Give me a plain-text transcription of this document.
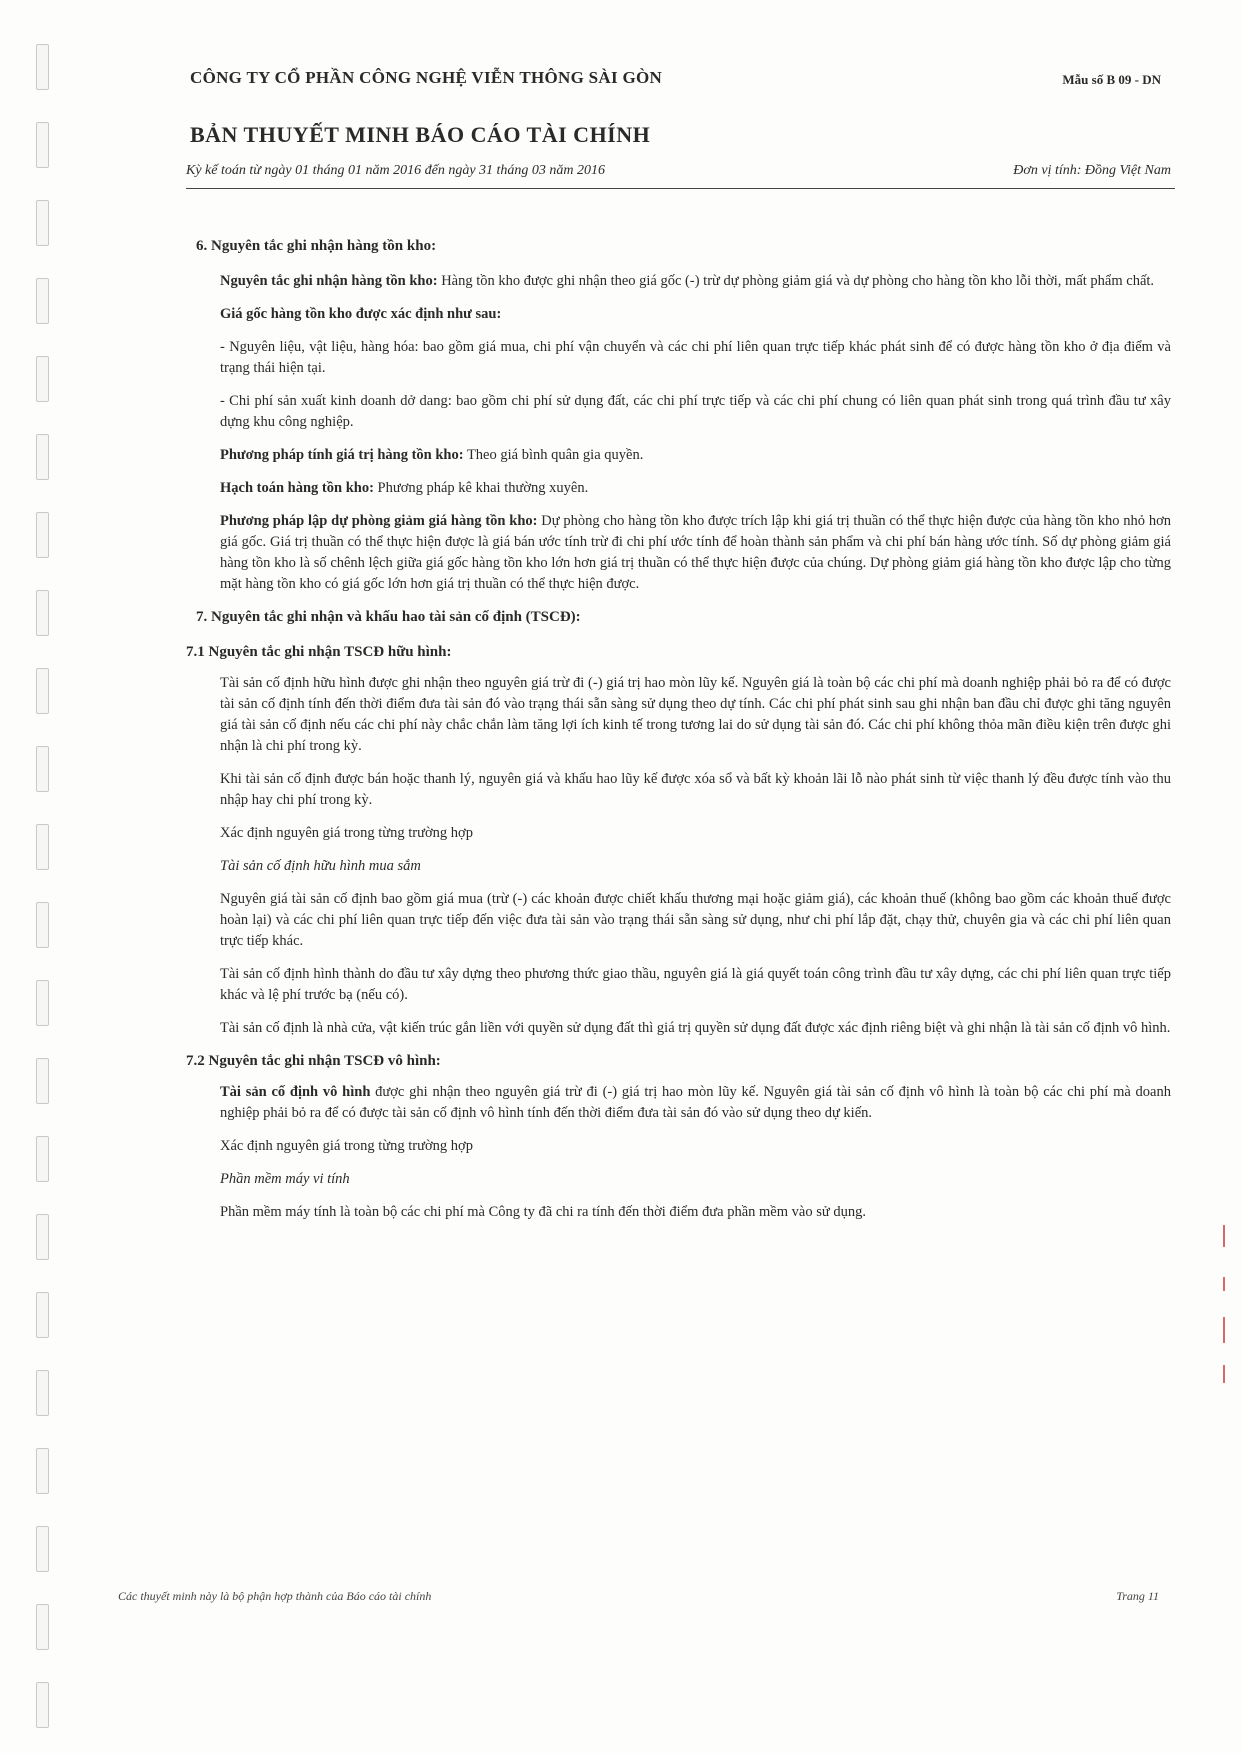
CÔNG TY CỔ PHẦN CÔNG NGHỆ VIỄN THÔNG SÀI GÒN	Mẫu số B 09 - DN
BẢN THUYẾT MINH BÁO CÁO TÀI CHÍNH
Kỳ kế toán từ ngày 01 tháng 01 năm 2016 đến ngày 31 tháng 03 năm 2016	Đơn vị tính: Đồng Việt Nam
6. Nguyên tắc ghi nhận hàng tồn kho:
Nguyên tắc ghi nhận hàng tồn kho: Hàng tồn kho được ghi nhận theo giá gốc (-) trừ dự phòng giảm giá và dự phòng cho hàng tồn kho lỗi thời, mất phẩm chất.
Giá gốc hàng tồn kho được xác định như sau:
- Nguyên liệu, vật liệu, hàng hóa: bao gồm giá mua, chi phí vận chuyển và các chi phí liên quan trực tiếp khác phát sinh để có được hàng tồn kho ở địa điểm và trạng thái hiện tại.
- Chi phí sản xuất kinh doanh dở dang: bao gồm chi phí sử dụng đất, các chi phí trực tiếp và các chi phí chung có liên quan phát sinh trong quá trình đầu tư xây dựng khu công nghiệp.
Phương pháp tính giá trị hàng tồn kho: Theo giá bình quân gia quyền.
Hạch toán hàng tồn kho: Phương pháp kê khai thường xuyên.
Phương pháp lập dự phòng giảm giá hàng tồn kho: Dự phòng cho hàng tồn kho được trích lập khi giá trị thuần có thể thực hiện được của hàng tồn kho nhỏ hơn giá gốc. Giá trị thuần có thể thực hiện được là giá bán ước tính trừ đi chi phí ước tính để hoàn thành sản phẩm và chi phí bán hàng ước tính. Số dự phòng giảm giá hàng tồn kho là số chênh lệch giữa giá gốc hàng tồn kho lớn hơn giá trị thuần có thể thực hiện được của chúng. Dự phòng giảm giá hàng tồn kho được lập cho từng mặt hàng tồn kho có giá gốc lớn hơn giá trị thuần có thể thực hiện được.
7. Nguyên tắc ghi nhận và khấu hao tài sản cố định (TSCĐ):
7.1 Nguyên tắc ghi nhận TSCĐ hữu hình:
Tài sản cố định hữu hình được ghi nhận theo nguyên giá trừ đi (-) giá trị hao mòn lũy kế. Nguyên giá là toàn bộ các chi phí mà doanh nghiệp phải bỏ ra để có được tài sản cố định tính đến thời điểm đưa tài sản đó vào trạng thái sẵn sàng sử dụng theo dự tính. Các chi phí phát sinh sau ghi nhận ban đầu chỉ được ghi tăng nguyên giá tài sản cố định nếu các chi phí này chắc chắn làm tăng lợi ích kinh tế trong tương lai do sử dụng tài sản đó. Các chi phí không thỏa mãn điều kiện trên được ghi nhận là chi phí trong kỳ.
Khi tài sản cố định được bán hoặc thanh lý, nguyên giá và khấu hao lũy kế được xóa sổ và bất kỳ khoản lãi lỗ nào phát sinh từ việc thanh lý đều được tính vào thu nhập hay chi phí trong kỳ.
Xác định nguyên giá trong từng trường hợp
Tài sản cố định hữu hình mua sắm
Nguyên giá tài sản cố định bao gồm giá mua (trừ (-) các khoản được chiết khấu thương mại hoặc giảm giá), các khoản thuế (không bao gồm các khoản thuế được hoàn lại) và các chi phí liên quan trực tiếp đến việc đưa tài sản vào trạng thái sẵn sàng sử dụng, như chi phí lắp đặt, chạy thử, chuyên gia và các chi phí liên quan trực tiếp khác.
Tài sản cố định hình thành do đầu tư xây dựng theo phương thức giao thầu, nguyên giá là giá quyết toán công trình đầu tư xây dựng, các chi phí liên quan trực tiếp khác và lệ phí trước bạ (nếu có).
Tài sản cố định là nhà cửa, vật kiến trúc gắn liền với quyền sử dụng đất thì giá trị quyền sử dụng đất được xác định riêng biệt và ghi nhận là tài sản cố định vô hình.
7.2 Nguyên tắc ghi nhận TSCĐ vô hình:
Tài sản cố định vô hình được ghi nhận theo nguyên giá trừ đi (-) giá trị hao mòn lũy kế. Nguyên giá tài sản cố định vô hình là toàn bộ các chi phí mà doanh nghiệp phải bỏ ra để có được tài sản cố định vô hình tính đến thời điểm đưa tài sản đó vào sử dụng theo dự kiến.
Xác định nguyên giá trong từng trường hợp
Phần mềm máy vi tính
Phần mềm máy tính là toàn bộ các chi phí mà Công ty đã chi ra tính đến thời điểm đưa phần mềm vào sử dụng.
Các thuyết minh này là bộ phận hợp thành của Báo cáo tài chính	Trang 11
